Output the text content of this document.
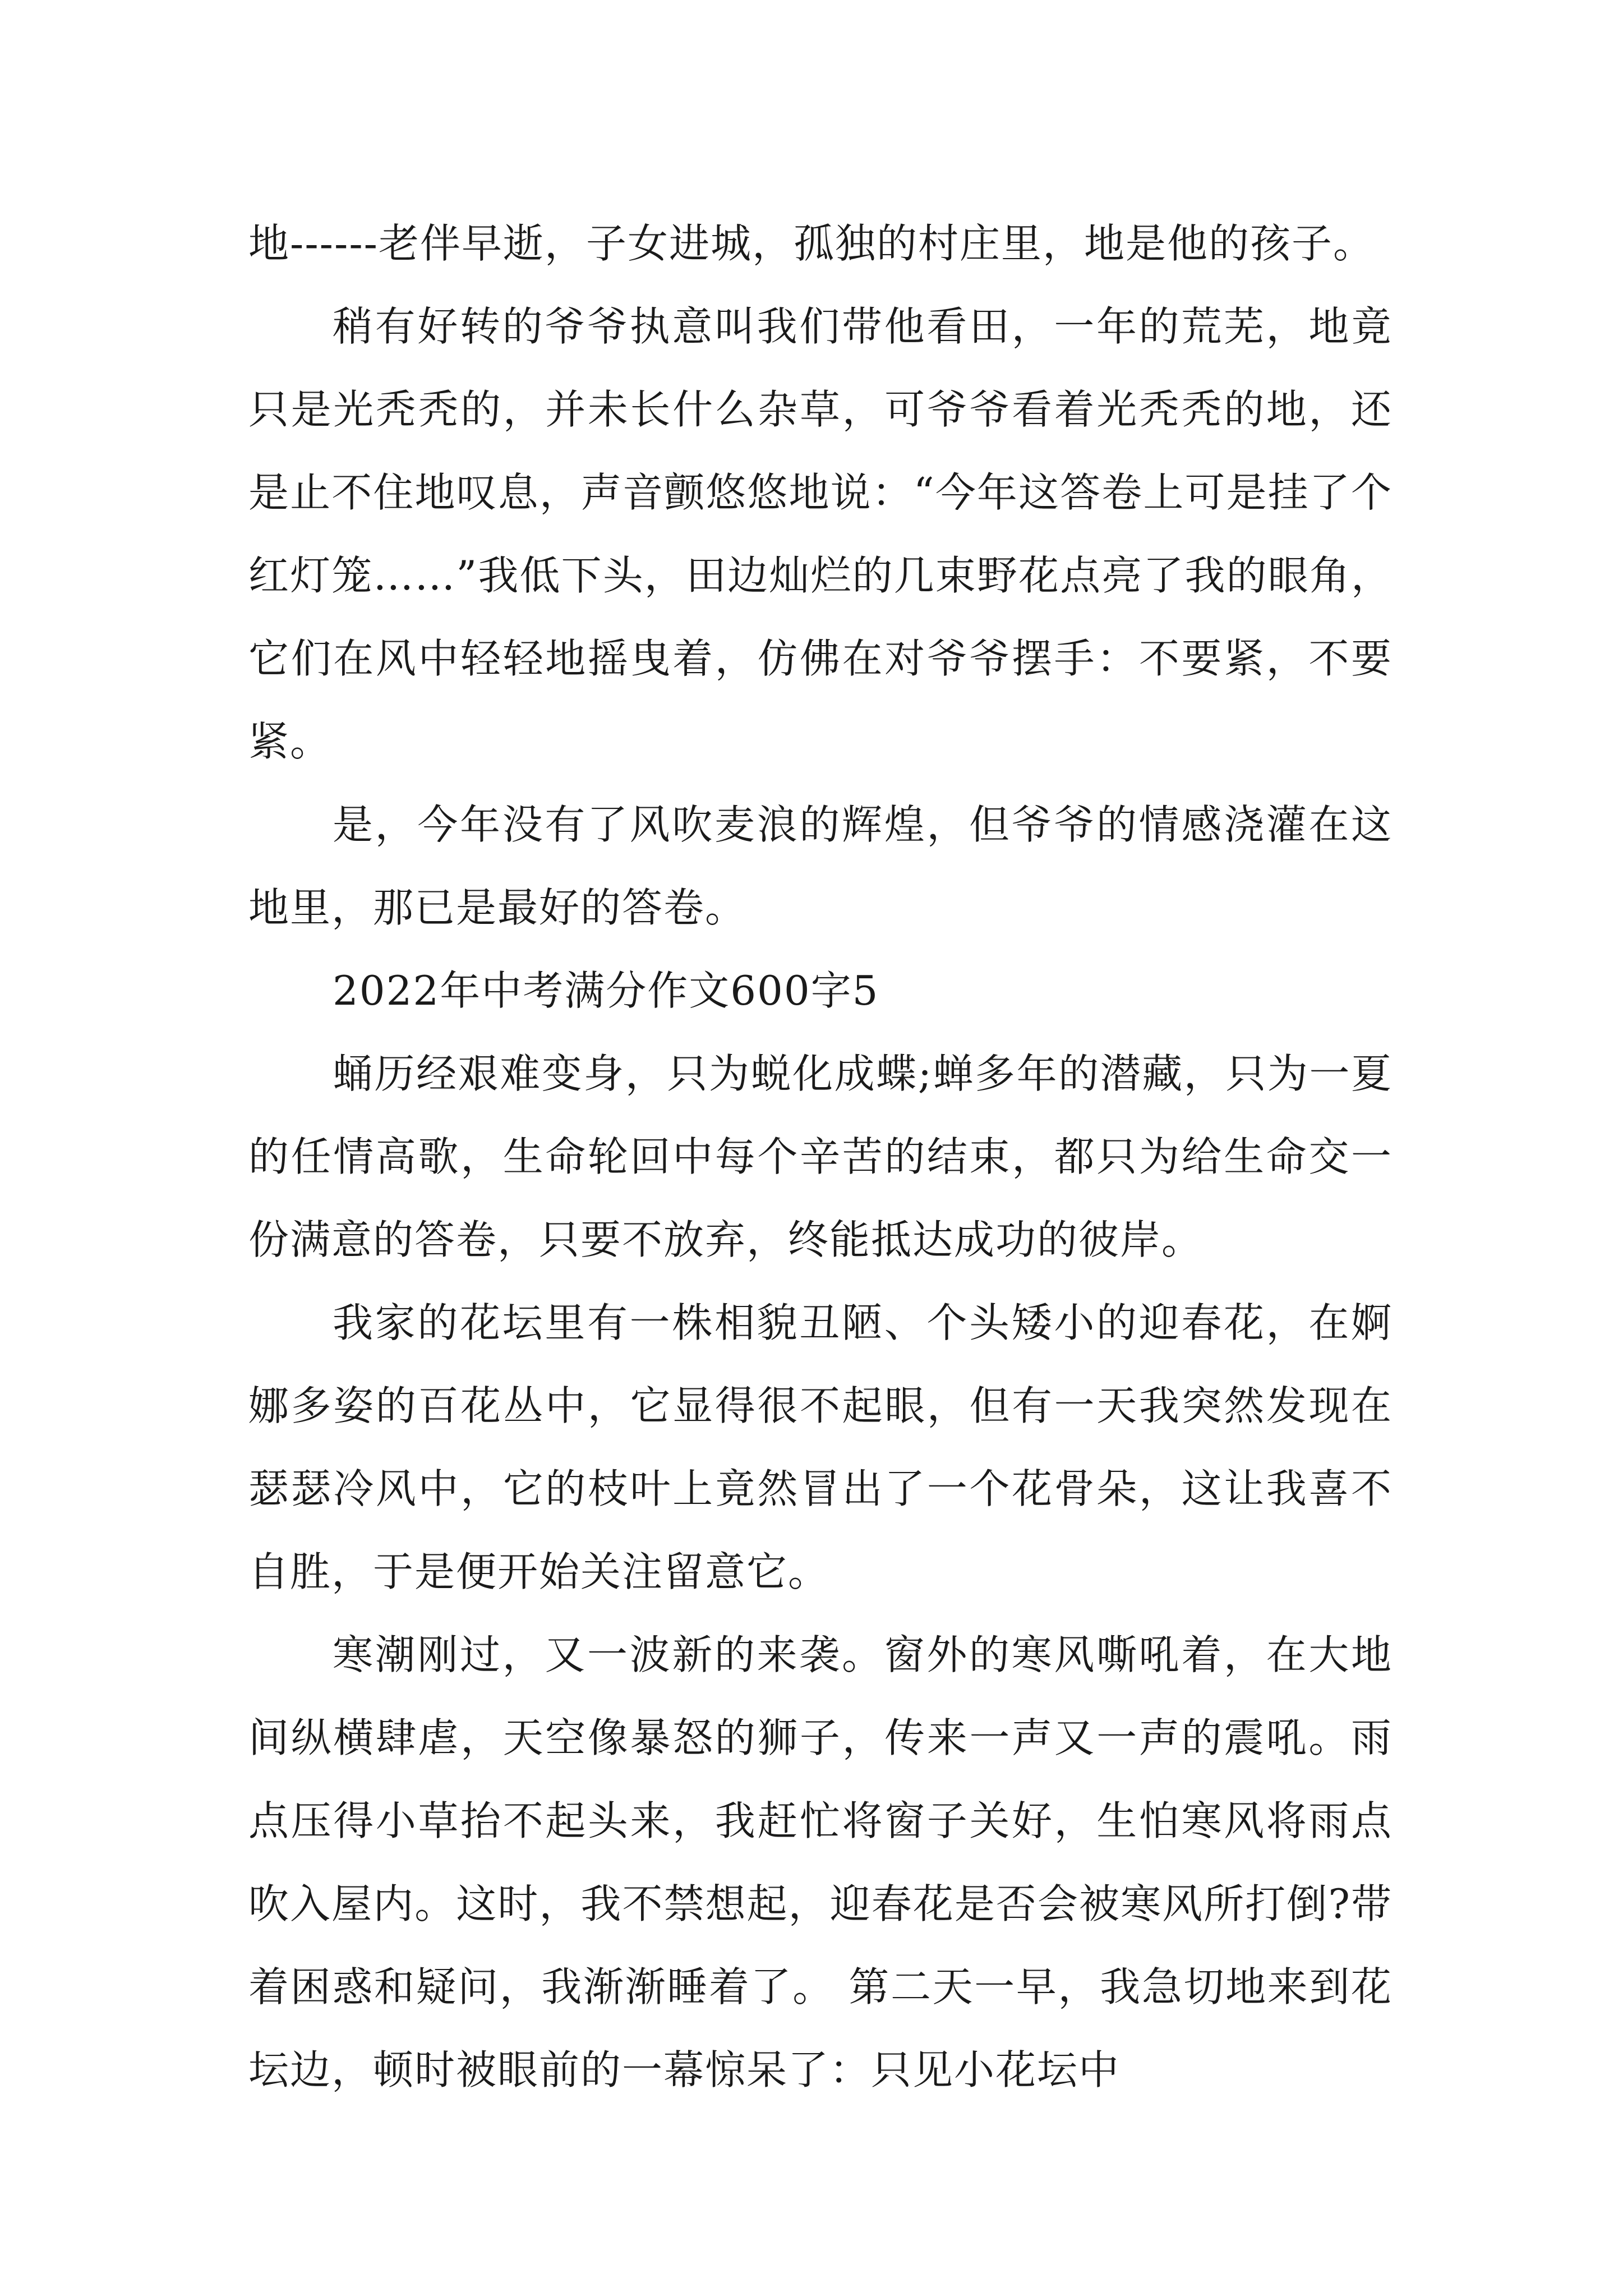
地------老伴早逝，子女进城，孤独的村庄里，地是他的孩子。

稍有好转的爷爷执意叫我们带他看田，一年的荒芜，地竟只是光秃秃的，并未长什么杂草，可爷爷看着光秃秃的地，还是止不住地叹息，声音颤悠悠地说：“今年这答卷上可是挂了个红灯笼……”我低下头，田边灿烂的几束野花点亮了我的眼角，它们在风中轻轻地摇曳着，仿佛在对爷爷摆手：不要紧，不要紧。

是，今年没有了风吹麦浪的辉煌，但爷爷的情感浇灌在这地里，那已是最好的答卷。

2022年中考满分作文600字5

蛹历经艰难变身，只为蜕化成蝶;蝉多年的潜藏，只为一夏的任情高歌，生命轮回中每个辛苦的结束，都只为给生命交一份满意的答卷，只要不放弃，终能抵达成功的彼岸。

我家的花坛里有一株相貌丑陋、个头矮小的迎春花，在婀娜多姿的百花丛中，它显得很不起眼，但有一天我突然发现在瑟瑟冷风中，它的枝叶上竟然冒出了一个花骨朵，这让我喜不自胜，于是便开始关注留意它。

寒潮刚过，又一波新的来袭。窗外的寒风嘶吼着，在大地间纵横肆虐，天空像暴怒的狮子，传来一声又一声的震吼。雨点压得小草抬不起头来，我赶忙将窗子关好，生怕寒风将雨点吹入屋内。这时，我不禁想起，迎春花是否会被寒风所打倒?带着困惑和疑问，我渐渐睡着了。 第二天一早，我急切地来到花坛边，顿时被眼前的一幕惊呆了：只见小花坛中
